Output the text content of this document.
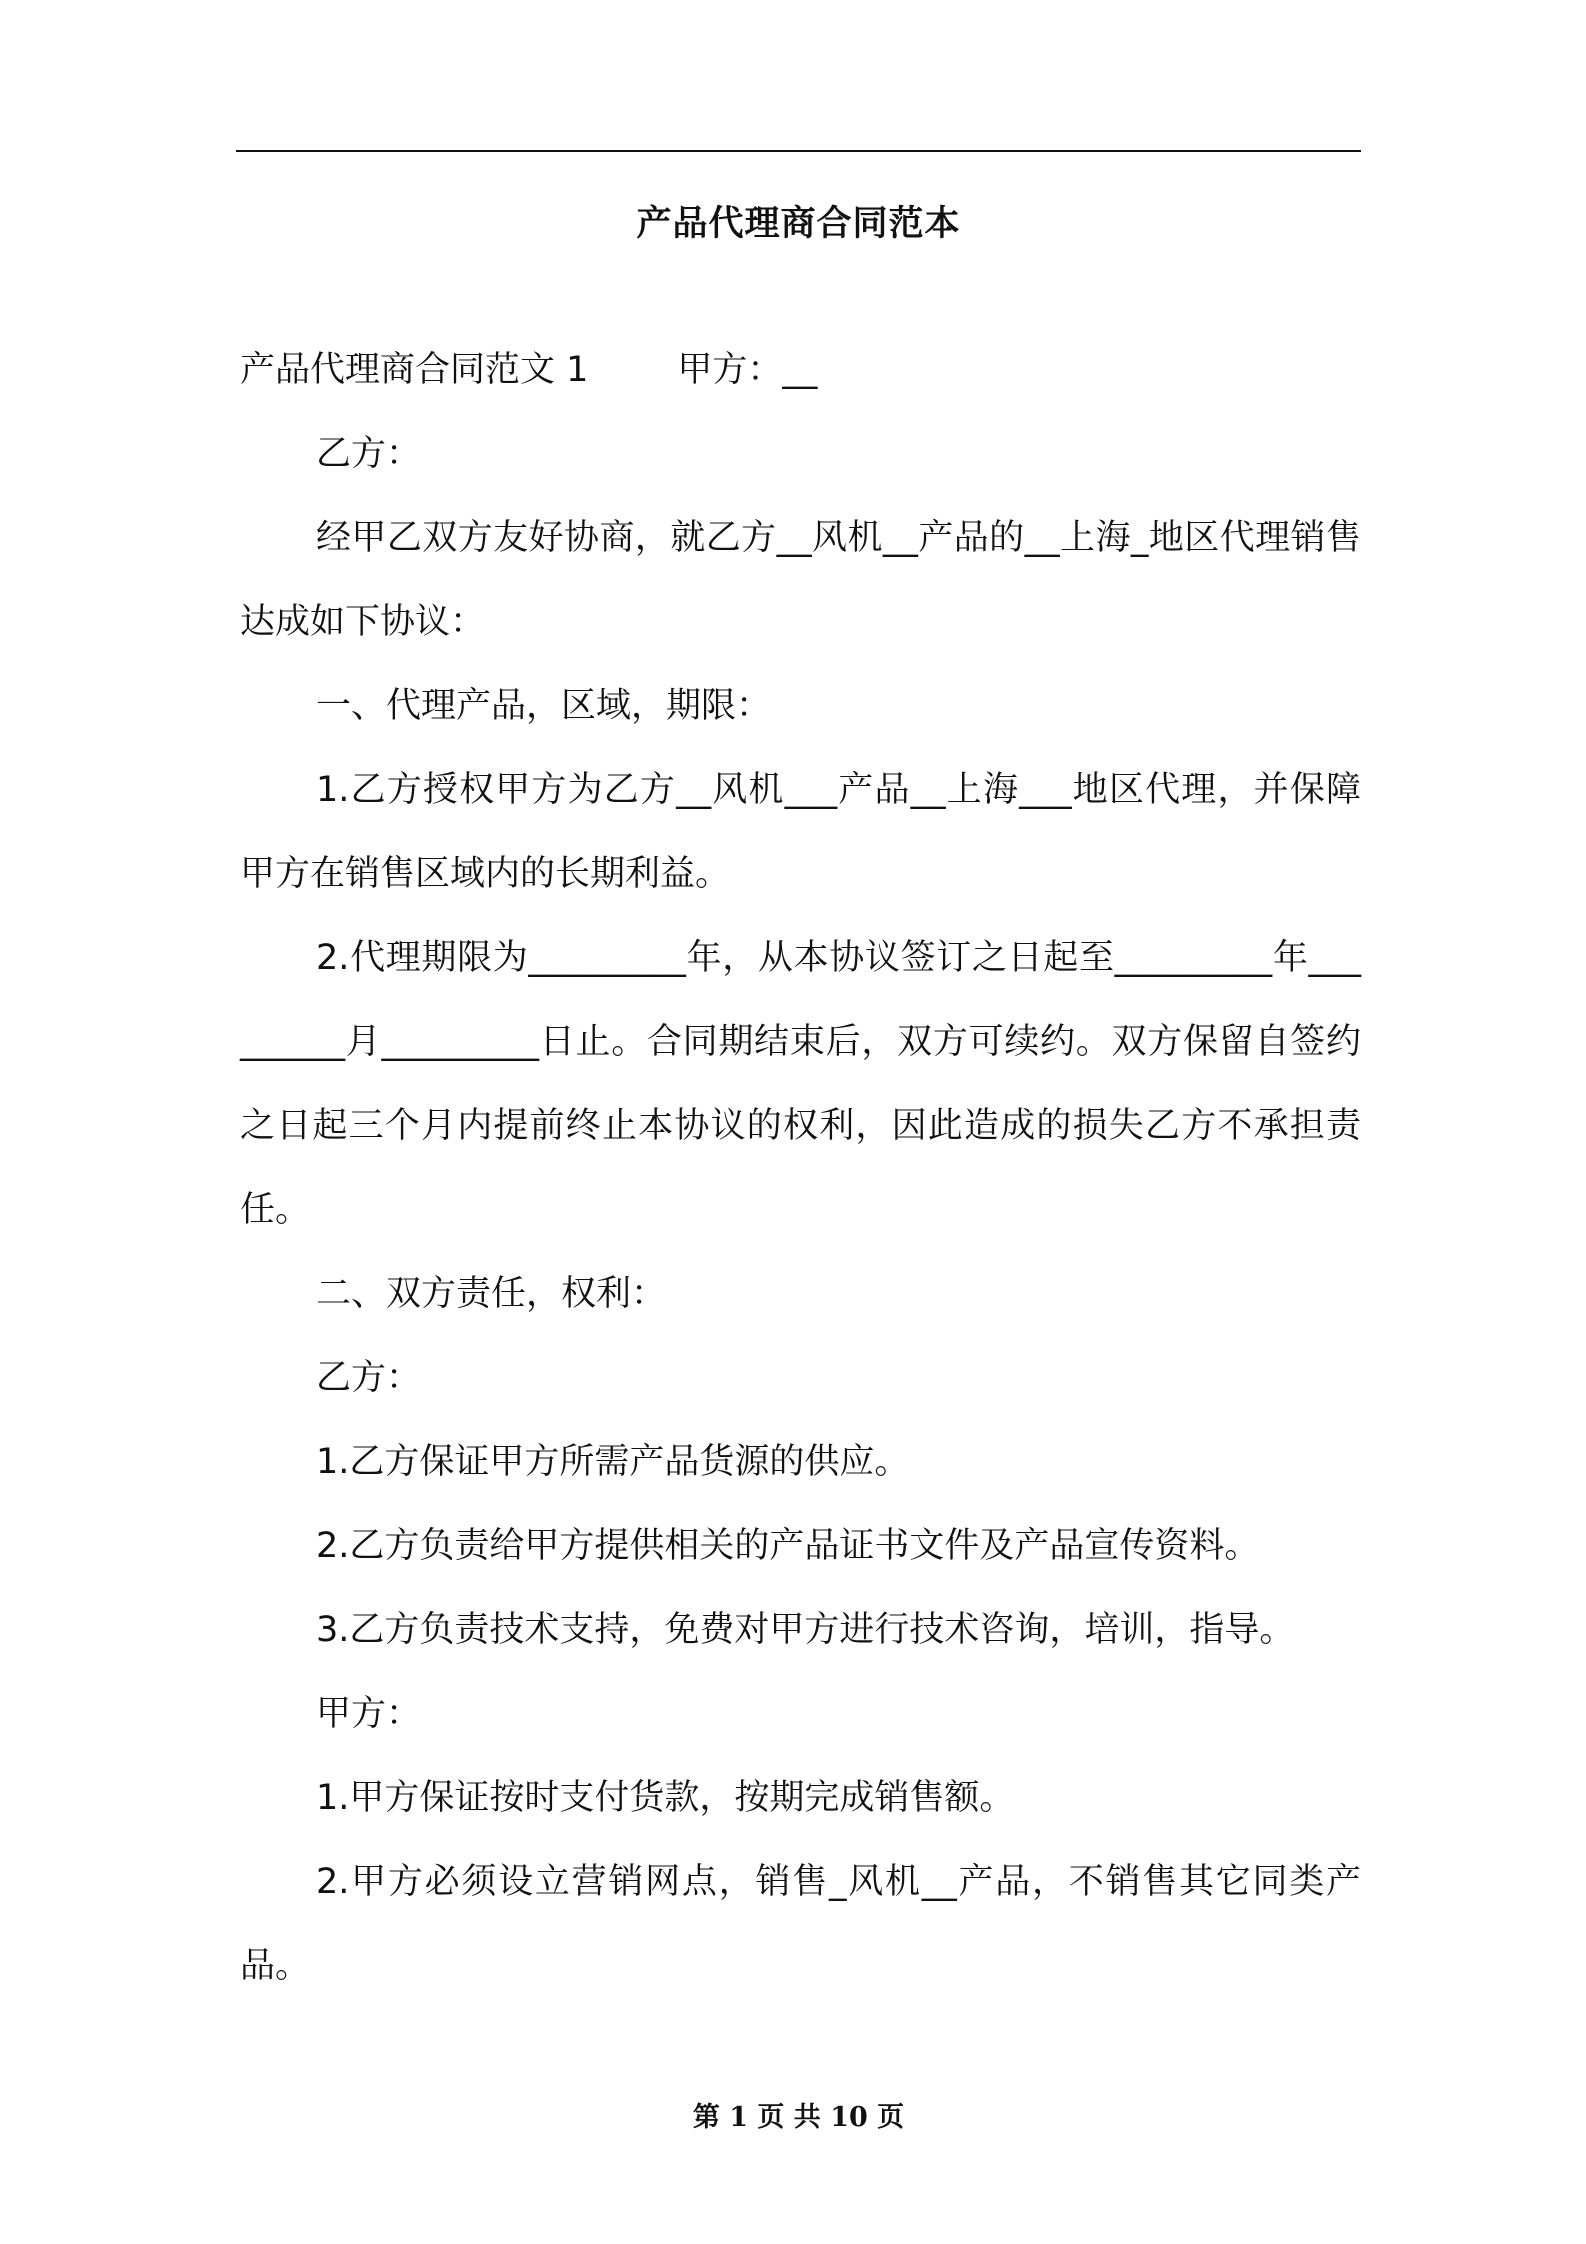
产品代理商合同范本

产品代理商合同范文 1        甲方：__

乙方：

经甲乙双方友好协商，就乙方__风机__产品的__上海_地区代理销售达成如下协议：

一、代理产品，区域，期限：

1.乙方授权甲方为乙方__风机___产品__上海___地区代理，并保障甲方在销售区域内的长期利益。

2.代理期限为_________年，从本协议签订之日起至_________年_________月_________日止。合同期结束后，双方可续约。双方保留自签约之日起三个月内提前终止本协议的权利，因此造成的损失乙方不承担责任。

二、双方责任，权利：

乙方：

1.乙方保证甲方所需产品货源的供应。

2.乙方负责给甲方提供相关的产品证书文件及产品宣传资料。

3.乙方负责技术支持，免费对甲方进行技术咨询，培训，指导。

甲方：

1.甲方保证按时支付货款，按期完成销售额。

2.甲方必须设立营销网点，销售_风机__产品，不销售其它同类产品。

第 1 页 共 10 页
